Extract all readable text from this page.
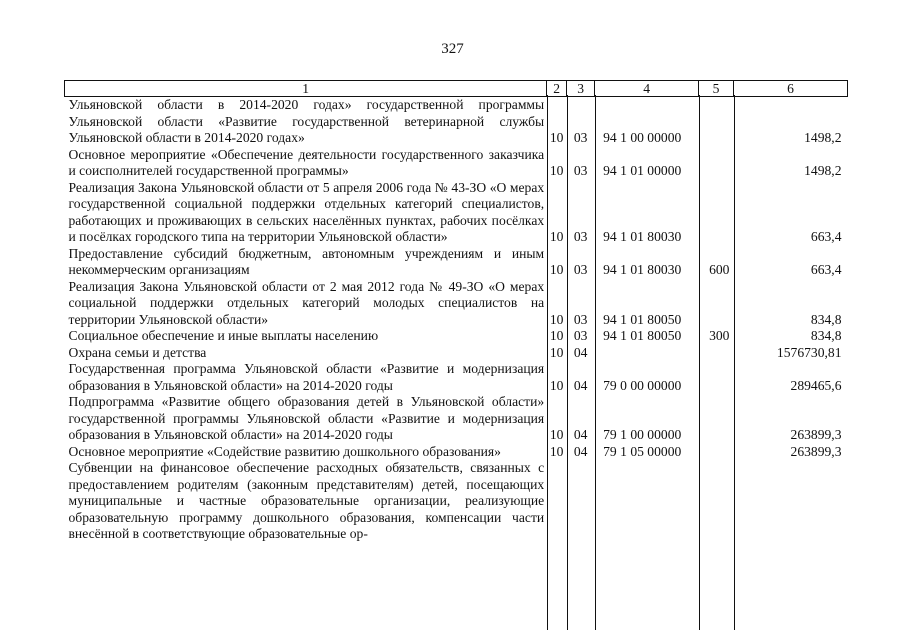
327
1	2	3	4	5	6
Ульяновской области в 2014-2020 годах» государственной программы Ульяновской области «Развитие государственной ветеринарной службы Ульяновской области в 2014-2020 годах»	10	03	94 1 00 00000		1498,2
Основное мероприятие «Обеспечение деятельности государственного заказчика и соисполнителей государственной программы»	10	03	94 1 01 00000		1498,2
Реализация Закона Ульяновской области от 5 апреля 2006 года № 43-ЗО «О мерах государственной социальной поддержки отдельных категорий специалистов, работающих и проживающих в сельских населённых пунктах, рабочих посёлках и посёлках городского типа на территории Ульяновской области»	10	03	94 1 01 80030		663,4
Предоставление субсидий бюджетным, автономным учреждениям и иным некоммерческим организациям	10	03	94 1 01 80030	600	663,4
Реализация Закона Ульяновской области от 2 мая 2012 года № 49-ЗО «О мерах социальной поддержки отдельных категорий молодых специалистов на территории Ульяновской области»	10	03	94 1 01 80050		834,8
Социальное обеспечение и иные выплаты населению	10	03	94 1 01 80050	300	834,8
Охрана семьи и детства	10	04			1576730,81
Государственная программа Ульяновской области «Развитие и модернизация образования в Ульяновской области» на 2014-2020 годы	10	04	79 0 00 00000		289465,6
Подпрограмма «Развитие общего образования детей в Ульяновской области» государственной программы Ульяновской области «Развитие и модернизация образования в Ульяновской области» на 2014-2020 годы	10	04	79 1 00 00000		263899,3
Основное мероприятие «Содействие развитию дошкольного образования»	10	04	79 1 05 00000		263899,3
Субвенции на финансовое обеспечение расходных обязательств, связанных с предоставлением родителям (законным представителям) детей, посещающих муниципальные и частные образовательные организации, реализующие образовательную программу дошкольного образования, компенсации части внесённой в соответствующие образовательные ор-					
